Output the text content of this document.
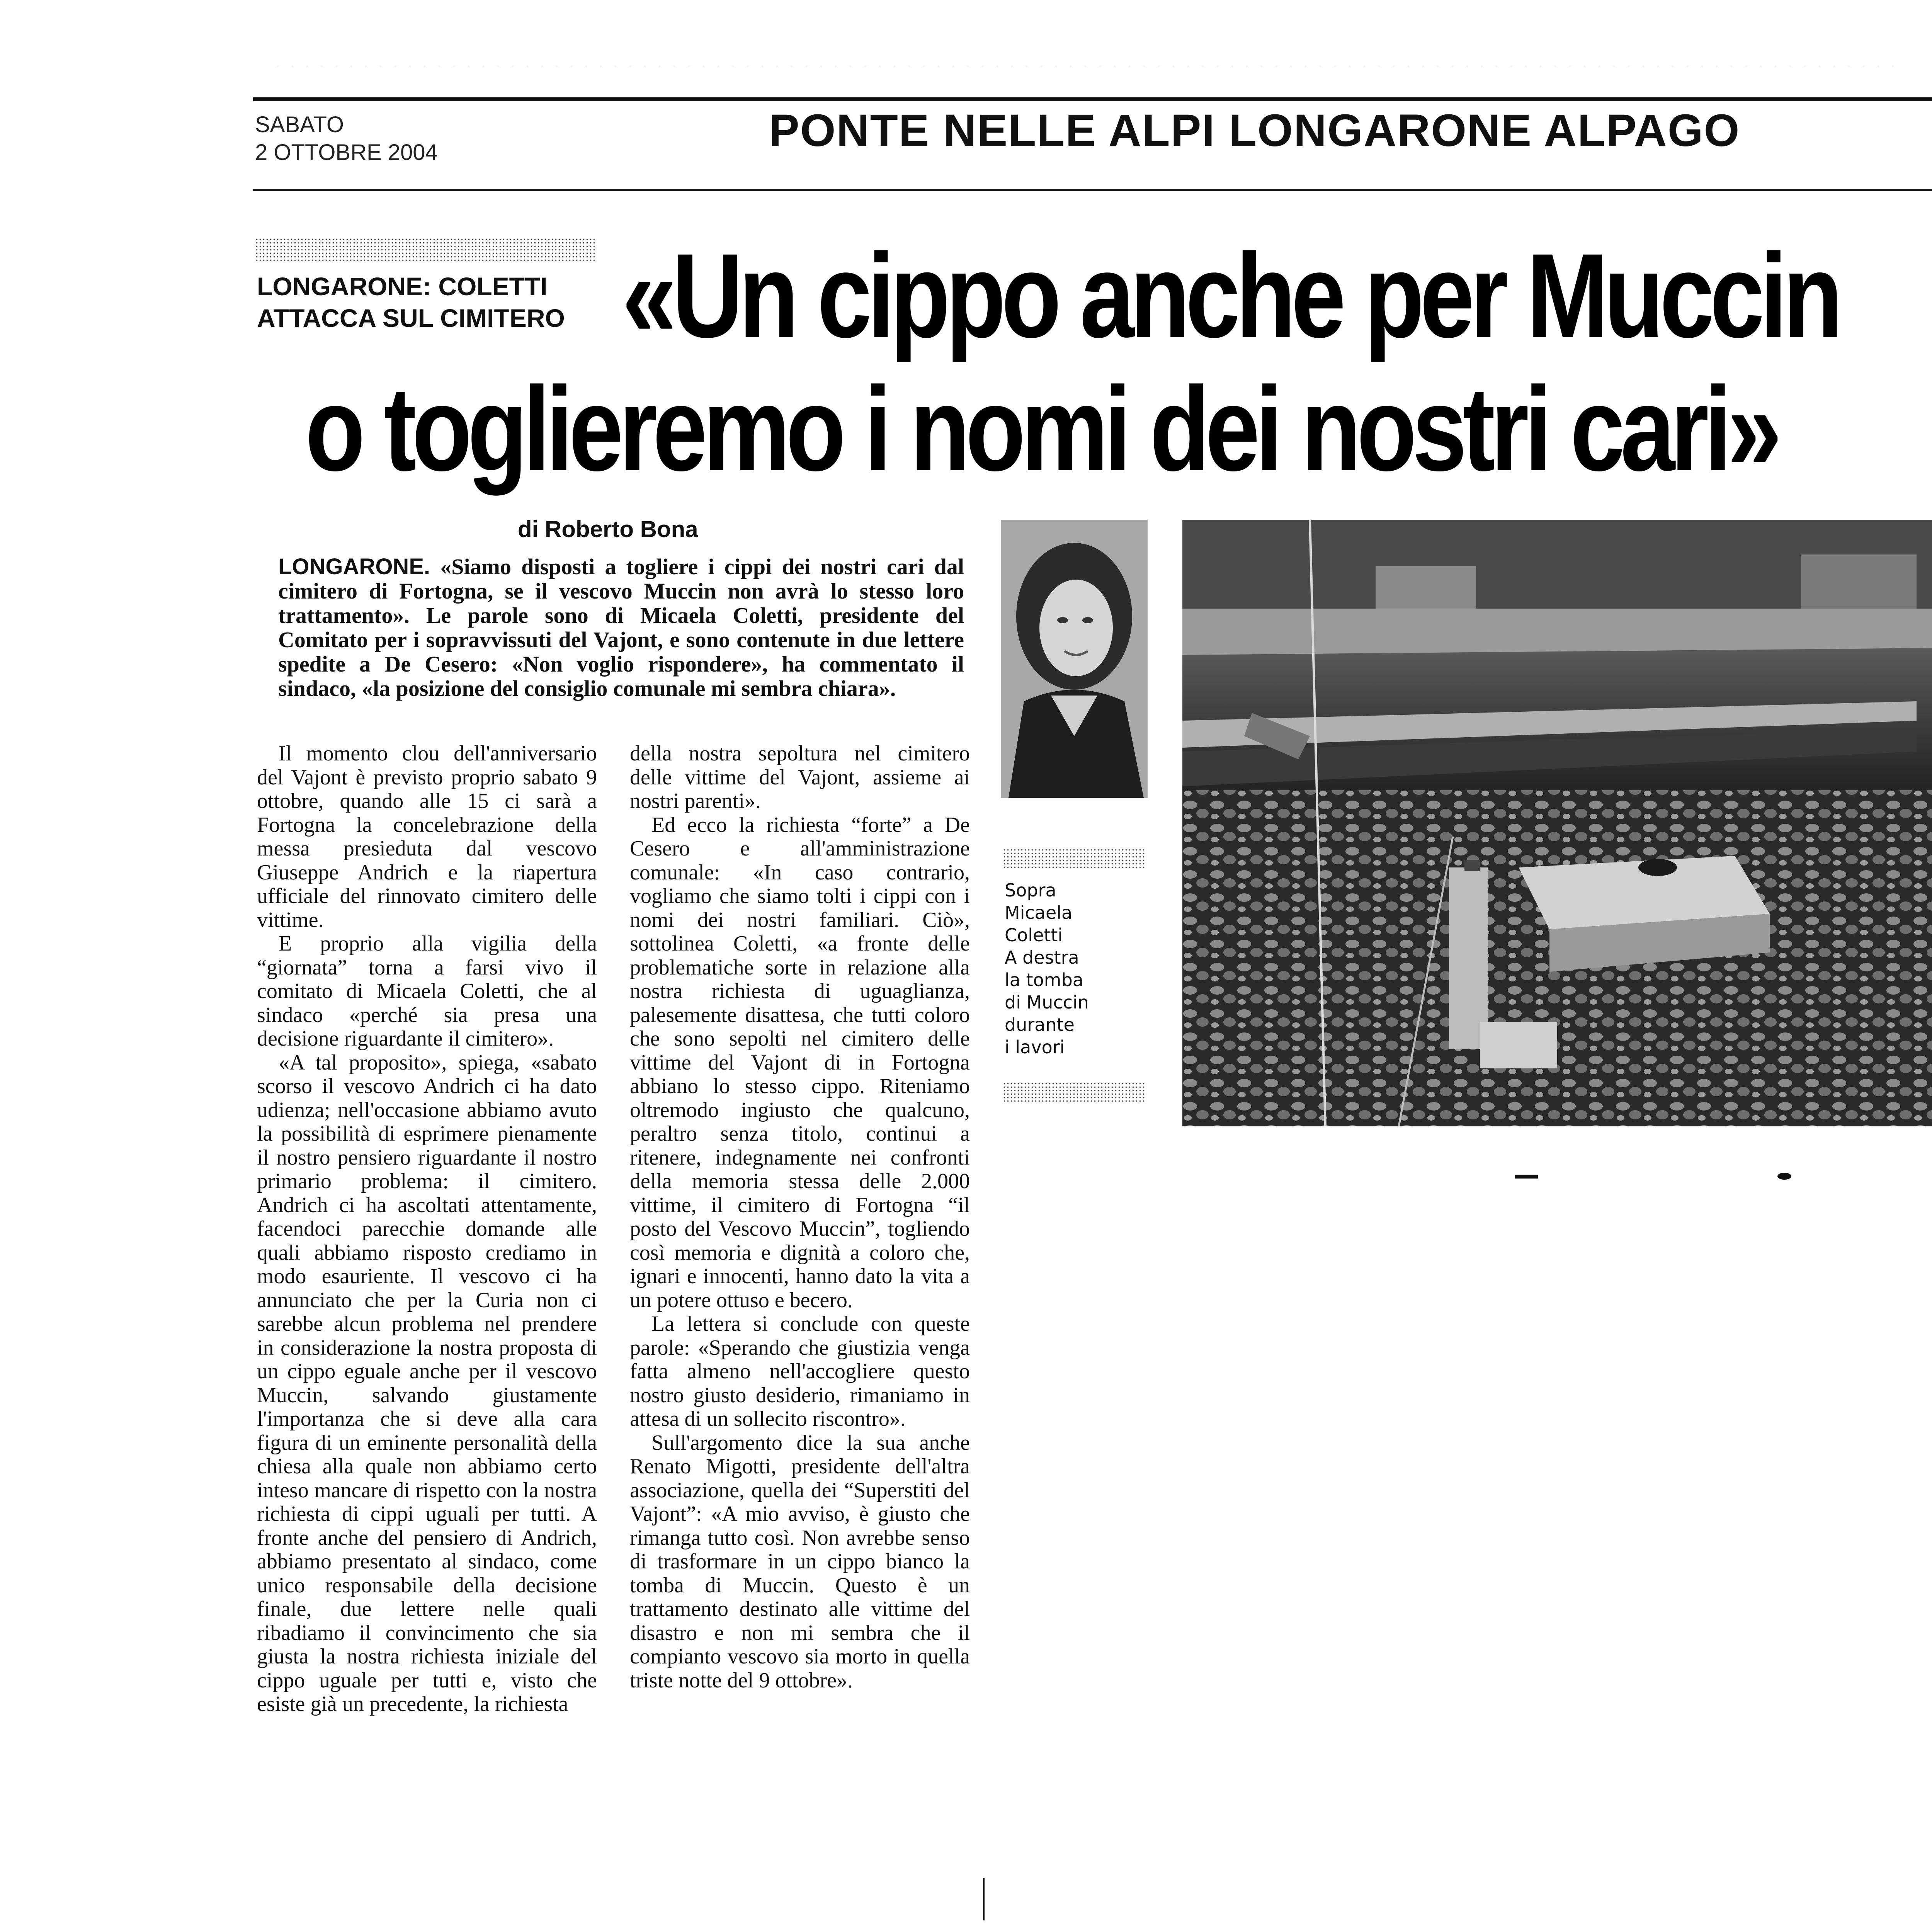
SABATO
2 OTTOBRE 2004	PONTE NELLE ALPI LONGARONE ALPAGO
LONGARONE: COLETTI
ATTACCA SUL CIMITERO «Un cippo anche per Muccin
o toglieremo i nomi dei nostri cari»
di Roberto Bona
LONGARONE. «Siamo disposti a togliere i cippi dei nostri cari dal cimitero di Fortogna, se il vescovo Muccin non avrà lo stesso loro trattamento». Le parole sono di Micaela Coletti, presidente del Comitato per i sopravvissuti del Vajont, e sono contenute in due lettere spedite a De Cesero: «Non voglio rispondere», ha commentato il sindaco, «la posizione del consiglio comunale mi sembra chiara».

Il momento clou dell'anniversario del Vajont è previsto proprio sabato 9 ottobre, quando alle 15 ci sarà a Fortogna la concelebrazione della messa presieduta dal vescovo Giuseppe Andrich e la riapertura ufficiale del rinnovato cimitero delle vittime.

E proprio alla vigilia della “giornata” torna a farsi vivo il comitato di Micaela Coletti, che al sindaco «perché sia presa una decisione riguardante il cimitero».

«A tal proposito», spiega, «sabato scorso il vescovo Andrich ci ha dato udienza; nell'occasione abbiamo avuto la possibilità di esprimere pienamente il nostro pensiero riguardante il nostro primario problema: il cimitero. Andrich ci ha ascoltati attentamente, facendoci parecchie domande alle quali abbiamo risposto crediamo in modo esauriente. Il vescovo ci ha annunciato che per la Curia non ci sarebbe alcun problema nel prendere in considerazione la nostra proposta di un cippo eguale anche per il vescovo Muccin, salvando giustamente l'importanza che si deve alla cara figura di un eminente personalità della chiesa alla quale non abbiamo certo inteso mancare di rispetto con la nostra richiesta di cippi uguali per tutti. A fronte anche del pensiero di Andrich, abbiamo presentato al sindaco, come unico responsabile della decisione finale, due lettere nelle quali ribadiamo il convincimento che sia giusta la nostra richiesta iniziale del cippo uguale per tutti e, visto che esiste già un precedente, la richiesta

della nostra sepoltura nel cimitero delle vittime del Vajont, assieme ai nostri parenti».

Ed ecco la richiesta “forte” a De Cesero e all'amministrazione comunale: «In caso contrario, vogliamo che siamo tolti i cippi con i nomi dei nostri familiari. Ciò», sottolinea Coletti, «a fronte delle problematiche sorte in relazione alla nostra richiesta di uguaglianza, palesemente disattesa, che tutti coloro che sono sepolti nel cimitero delle vittime del Vajont di in Fortogna abbiano lo stesso cippo. Riteniamo oltremodo ingiusto che qualcuno, peraltro senza titolo, continui a ritenere, indegnamente nei confronti della memoria stessa delle 2.000 vittime, il cimitero di Fortogna “il posto del Vescovo Muccin”, togliendo così memoria e dignità a coloro che, ignari e innocenti, hanno dato la vita a un potere ottuso e becero.

La lettera si conclude con queste parole: «Sperando che giustizia venga fatta almeno nell'accogliere questo nostro giusto desiderio, rimaniamo in attesa di un sollecito riscontro».

Sull'argomento dice la sua anche Renato Migotti, presidente dell'altra associazione, quella dei “Superstiti del Vajont”: «A mio avviso, è giusto che rimanga tutto così. Non avrebbe senso di trasformare in un cippo bianco la tomba di Muccin. Questo è un trattamento destinato alle vittime del disastro e non mi sembra che il compianto vescovo sia morto in quella triste notte del 9 ottobre».

Sopra
Micaela
Coletti
A destra
la tomba
di Muccin
durante
i lavori
